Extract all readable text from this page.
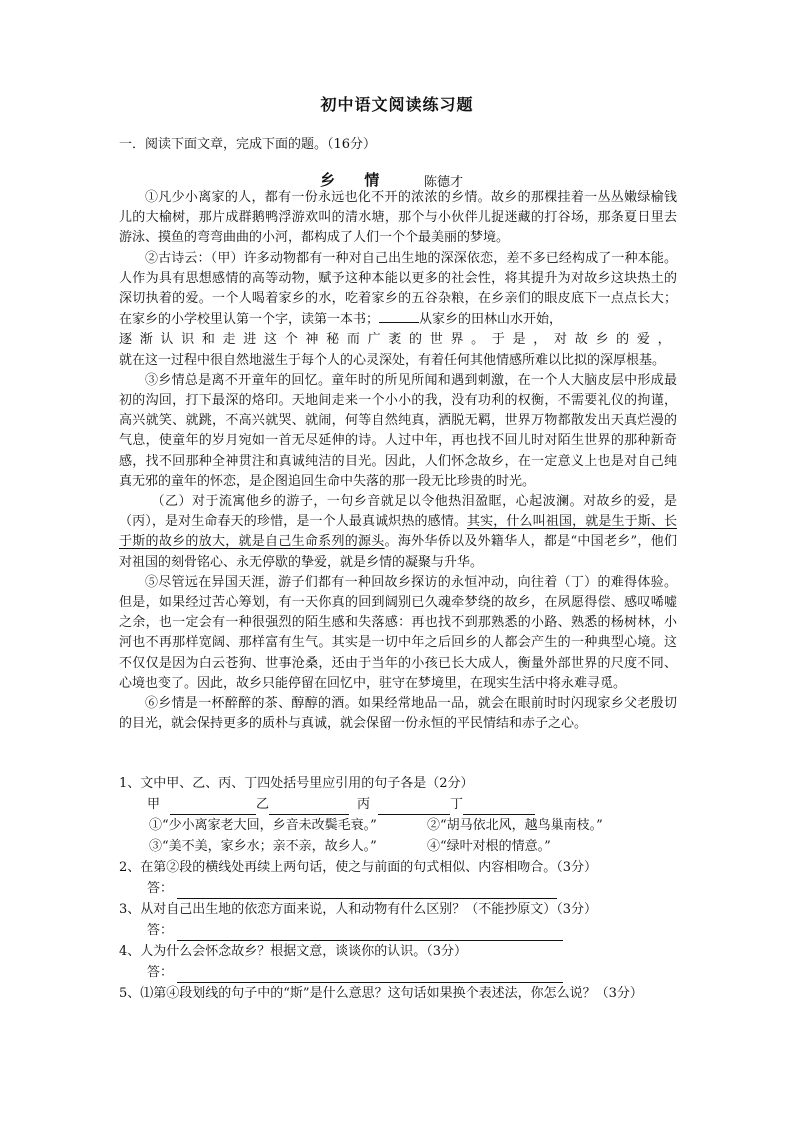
初中语文阅读练习题
一．阅读下面文章，完成下面的题。（16分）
乡 情	陈德才

①凡少小离家的人，都有一份永远也化不开的浓浓的乡情。故乡的那棵挂着一丛丛嫩绿榆钱儿的大榆树，那片成群鹅鸭浮游欢叫的清水塘，那个与小伙伴儿捉迷藏的打谷场，那条夏日里去游泳、摸鱼的弯弯曲曲的小河，都构成了人们一个个最美丽的梦境。

②古诗云：（甲）许多动物都有一种对自己出生地的深深依恋，差不多已经构成了一种本能。人作为具有思想感情的高等动物，赋予这种本能以更多的社会性，将其提升为对故乡这块热土的深切执着的爱。一个人喝着家乡的水，吃着家乡的五谷杂粮，在乡亲们的眼皮底下一点点长大；在家乡的小学校里认第一个字，读第一本书；	从家乡的田林山水开始，

逐渐认识和走进这个神秘而广袤的世界。于是，对故乡的爱，

就在这一过程中很自然地滋生于每个人的心灵深处，有着任何其他情感所难以比拟的深厚根基。

③乡情总是离不开童年的回忆。童年时的所见所闻和遇到刺激，在一个人大脑皮层中形成最初的沟回，打下最深的烙印。天地间走来一个小小的我，没有功利的权衡，不需要礼仪的拘谨，高兴就笑、就跳，不高兴就哭、就闹，何等自然纯真，洒脱无羁，世界万物都散发出天真烂漫的气息，使童年的岁月宛如一首无尽延伸的诗。人过中年，再也找不回儿时对陌生世界的那种新奇感，找不回那种全神贯注和真诚纯洁的目光。因此，人们怀念故乡，在一定意义上也是对自己纯真无邪的童年的怀恋，是企图追回生命中失落的那一段无比珍贵的时光。

（乙）对于流寓他乡的游子，一句乡音就足以令他热泪盈眶，心起波澜。对故乡的爱，是（丙），是对生命春天的珍惜，是一个人最真诚炽热的感情。其实，什么叫祖国，就是生于斯、长于斯的故乡的放大，就是自己生命系列的源头。海外华侨以及外籍华人，都是“中国老乡”，他们对祖国的刻骨铭心、永无停歇的挚爱，就是乡情的凝聚与升华。

⑤尽管远在异国天涯，游子们都有一种回故乡探访的永恒冲动，向往着（丁）的难得体验。但是，如果经过苦心筹划，有一天你真的回到阔别已久魂牵梦绕的故乡，在夙愿得偿、感叹唏嘘之余，也一定会有一种很强烈的陌生感和失落感：再也找不到那熟悉的小路、熟悉的杨树林，小河也不再那样宽阔、那样富有生气。其实是一切中年之后回乡的人都会产生的一种典型心境。这不仅仅是因为白云苍狗、世事沧桑，还由于当年的小孩已长大成人，衡量外部世界的尺度不同、心境也变了。因此，故乡只能停留在回忆中，驻守在梦境里，在现实生活中将永难寻觅。

⑥乡情是一杯醉醉的茶、醇醇的酒。如果经常地品一品，就会在眼前时时闪现家乡父老殷切的目光，就会保持更多的质朴与真诚，就会保留一份永恒的平民情结和赤子之心。

1、文中甲、乙、丙、丁四处括号里应引用的句子各是（2分）

甲	乙	丙	丁
①“少小离家老大回，乡音未改鬓毛衰。”	②“胡马依北风，越鸟巢南枝。”
③“美不美，家乡水；亲不亲，故乡人。”	④“绿叶对根的情意。”

2、在第②段的横线处再续上两句话，使之与前面的句式相似、内容相吻合。（3分）

答：

3、从对自己出生地的依恋方面来说，人和动物有什么区别？（不能抄原文）（3分）

答：

4、人为什么会怀念故乡？根据文意，谈谈你的认识。（3分）

答：

5、⑴第④段划线的句子中的“斯”是什么意思？这句话如果换个表述法，你怎么说？（3分）
